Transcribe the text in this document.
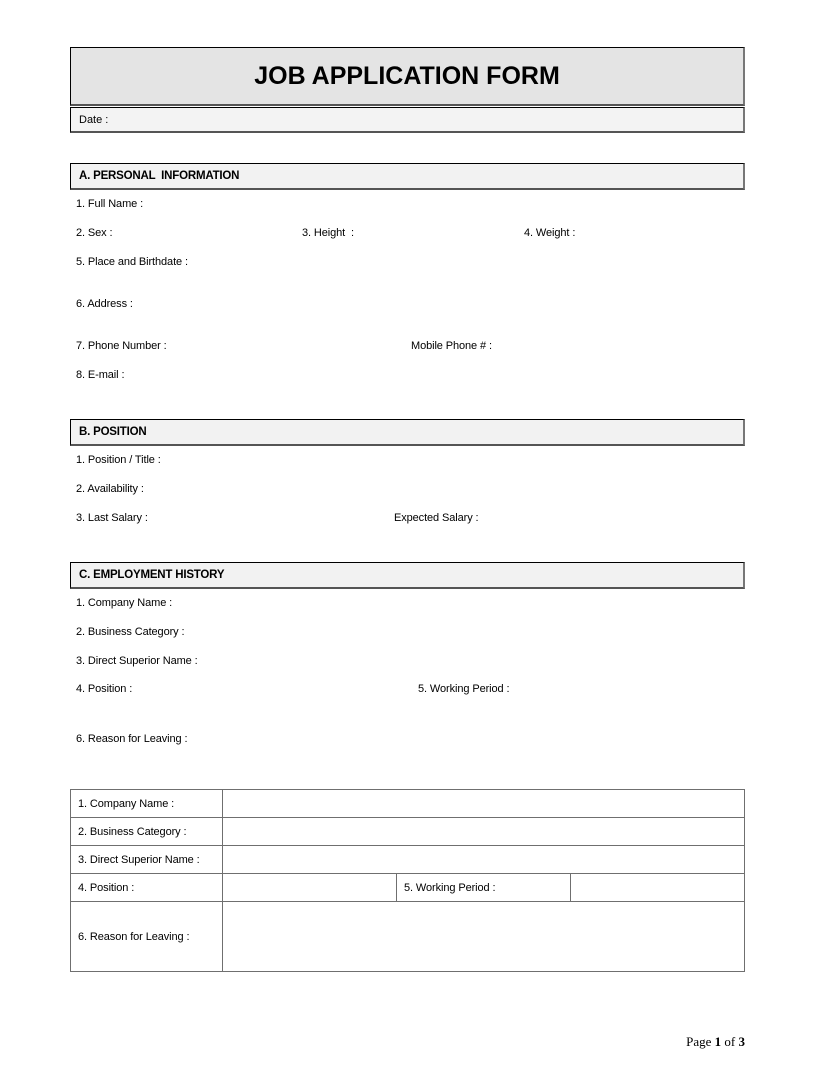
JOB APPLICATION FORM
Date :
A. PERSONAL  INFORMATION
1. Full Name :
2. Sex :	3. Height  :	4. Weight :
5. Place and Birthdate :
6. Address :
7. Phone Number :	Mobile Phone # :
8. E-mail :
B. POSITION
1. Position / Title :
2. Availability :
3. Last Salary :	Expected Salary :
C. EMPLOYMENT HISTORY
1. Company Name :
2. Business Category :
3. Direct Superior Name :
4. Position :	5. Working Period :
6. Reason for Leaving :
1. Company Name :			
2. Business Category :			
3. Direct Superior Name :			
4. Position :		5. Working Period :	
6. Reason for Leaving :			

Page 1 of 3
